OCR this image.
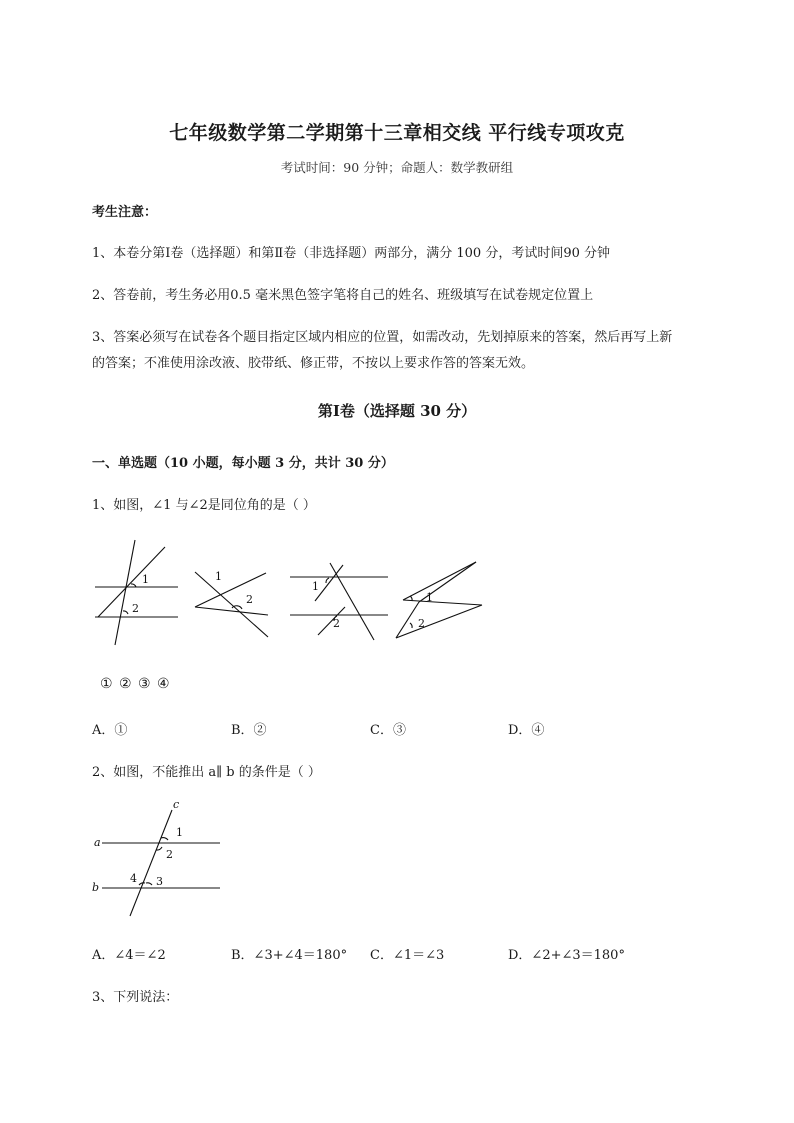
七年级数学第二学期第十三章相交线 平行线专项攻克
考试时间：90 分钟；命题人：数学教研组
考生注意：
1、本卷分第Ⅰ卷（选择题）和第Ⅱ卷（非选择题）两部分，满分 100 分，考试时间90 分钟
2、答卷前，考生务必用0.5 毫米黑色签字笔将自己的姓名、班级填写在试卷规定位置上
3、答案必须写在试卷各个题目指定区域内相应的位置，如需改动，先划掉原来的答案，然后再写上新
的答案；不准使用涂改液、胶带纸、修正带，不按以上要求作答的答案无效。
第Ⅰ卷（选择题 30 分）
一、单选题（10 小题，每小题 3 分，共计 30 分）
1、如图，∠1 与∠2是同位角的是（ ）
1
2
1
2
1
2
1
2
① ② ③ ④
A．①	B．②	C．③	D．④
2、如图，不能推出 a∥ b 的条件是（ ）
a
b
c
1
2
3
4
A．∠4＝∠2	B．∠3+∠4＝180° C．∠1＝∠3	D．∠2+∠3＝180°
3、下列说法：
